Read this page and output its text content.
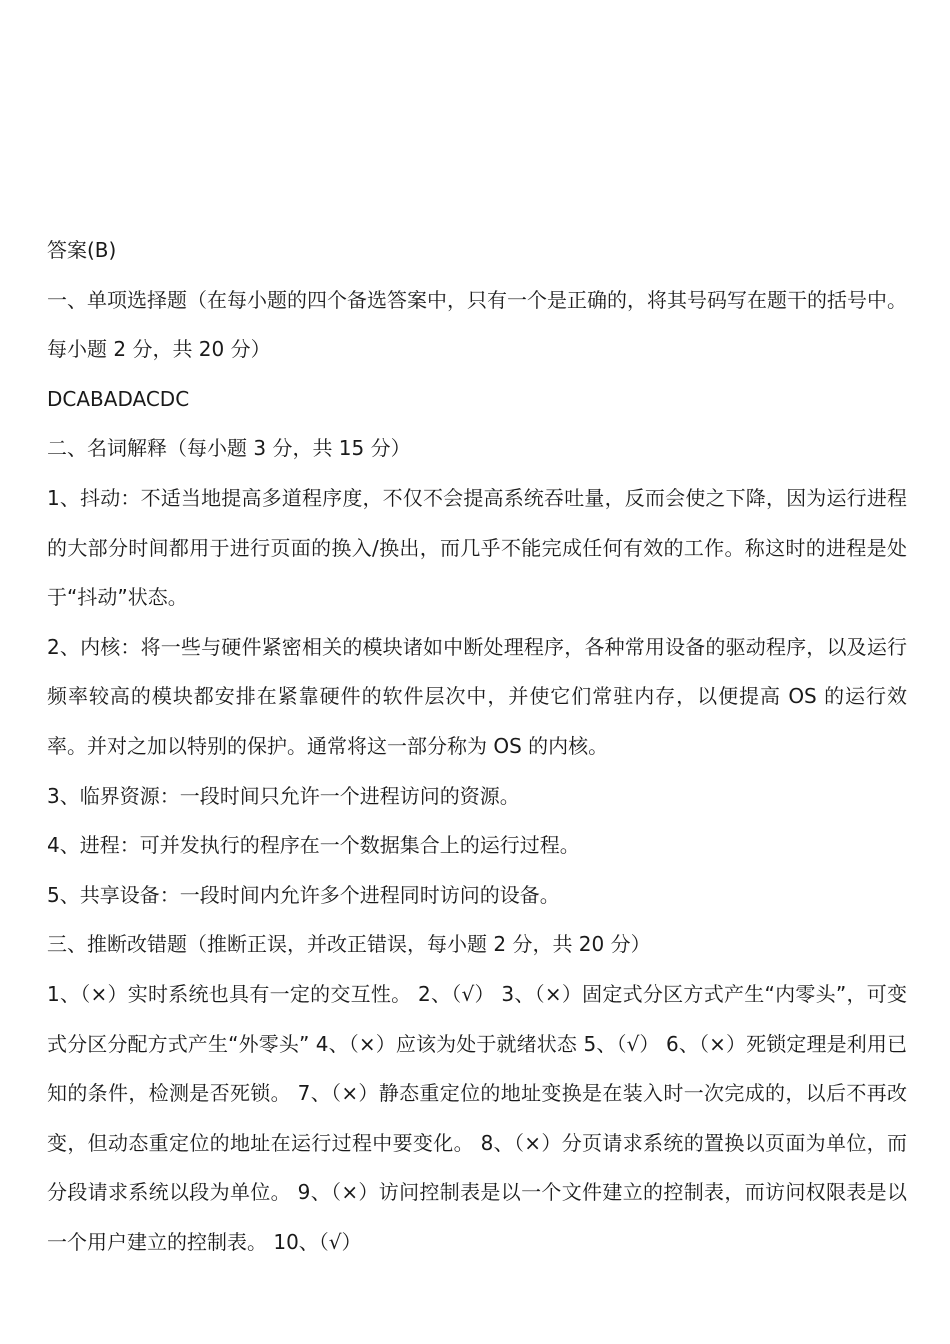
答案(B)

一、单项选择题（在每小题的四个备选答案中，只有一个是正确的，将其号码写在题干的括号中。每小题 2 分，共 20 分）

DCABADACDC

二、名词解释（每小题 3 分，共 15 分）

1、抖动：不适当地提高多道程序度，不仅不会提高系统吞吐量，反而会使之下降，因为运行进程的大部分时间都用于进行页面的换入/换出，而几乎不能完成任何有效的工作。称这时的进程是处于“抖动”状态。

2、内核：将一些与硬件紧密相关的模块诸如中断处理程序，各种常用设备的驱动程序，以及运行频率较高的模块都安排在紧靠硬件的软件层次中，并使它们常驻内存，以便提高 OS 的运行效率。并对之加以特别的保护。通常将这一部分称为 OS 的内核。

3、临界资源：一段时间只允许一个进程访问的资源。

4、进程：可并发执行的程序在一个数据集合上的运行过程。

5、共享设备：一段时间内允许多个进程同时访问的设备。

三、推断改错题（推断正误，并改正错误，每小题 2 分，共 20 分）

1、（×）实时系统也具有一定的交互性。 2、（√） 3、（×）固定式分区方式产生“内零头”，可变式分区分配方式产生“外零头” 4、（×）应该为处于就绪状态 5、（√） 6、（×）死锁定理是利用已知的条件，检测是否死锁。 7、（×）静态重定位的地址变换是在装入时一次完成的，以后不再改变，但动态重定位的地址在运行过程中要变化。 8、（×）分页请求系统的置换以页面为单位，而分段请求系统以段为单位。 9、（×）访问控制表是以一个文件建立的控制表，而访问权限表是以一个用户建立的控制表。 10、（√）
